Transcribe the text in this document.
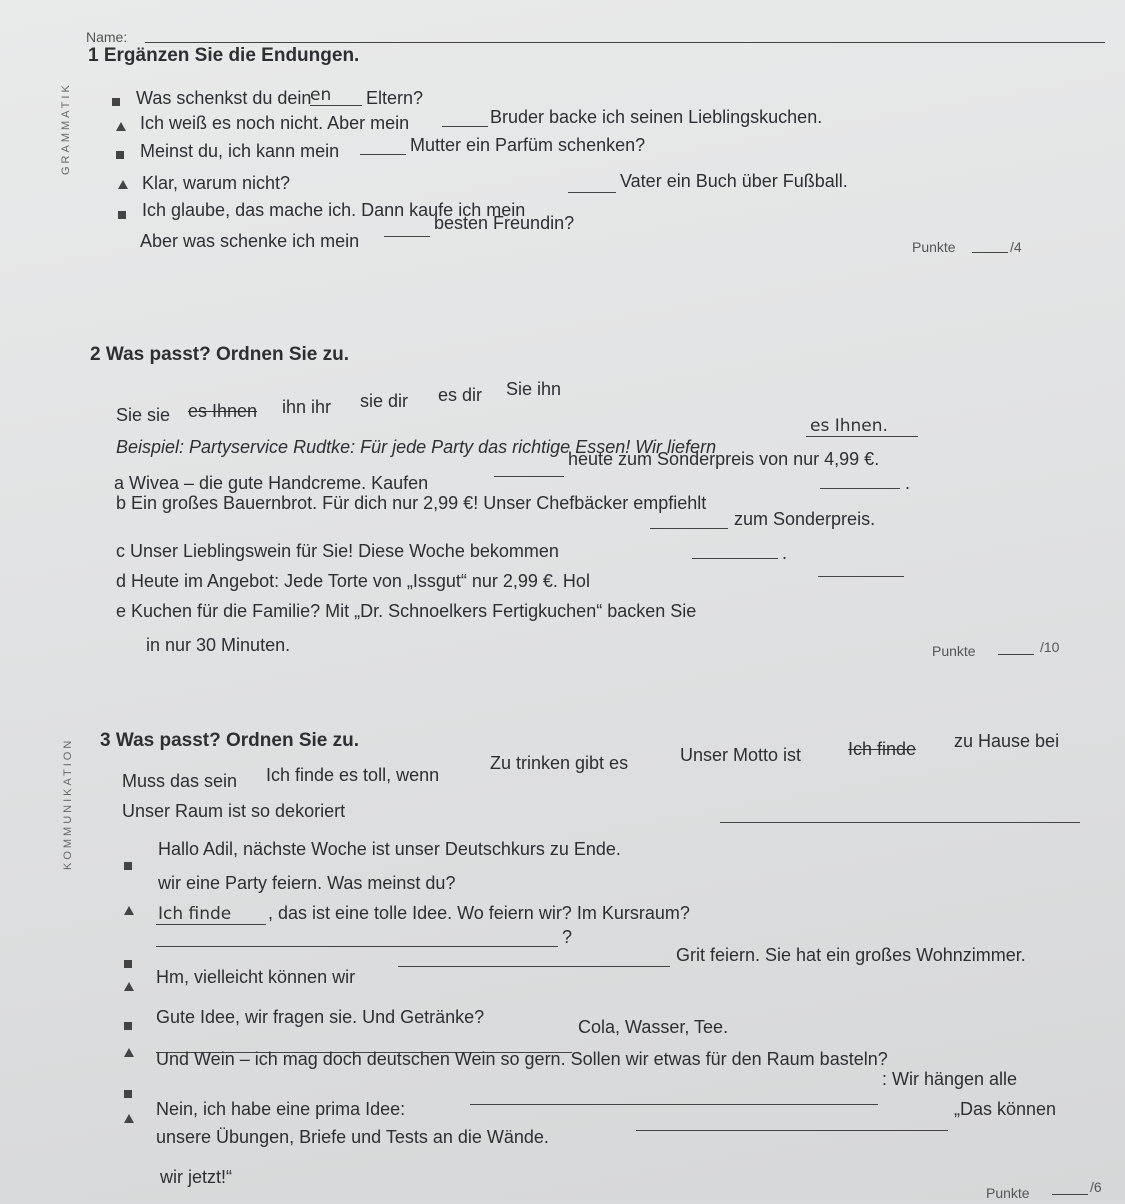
Name:
GRAMMATIK
KOMMUNIKATION
1 Ergänzen Sie die Endungen.
Was schenkst du dein
en Eltern?
Ich weiß es noch nicht. Aber mein	Bruder backe ich seinen Lieblingskuchen.
Meinst du, ich kann mein	Mutter ein Parfüm schenken?
Klar, warum nicht?
Ich glaube, das mache ich. Dann kaufe ich mein
Vater ein Buch über Fußball.
Aber was schenke ich mein
besten Freundin?
Punkte	/4
2 Was passt? Ordnen Sie zu.
Sie sie es Ihnen ihn ihr sie dir es dir Sie ihn
Beispiel: Partyservice Rudtke: Für jede Party das richtige Essen! Wir liefern
es Ihnen.
a Wivea – die gute Handcreme. Kaufen
heute zum Sonderpreis von nur 4,99 €.
b Ein großes Bauernbrot. Für dich nur 2,99 €! Unser Chefbäcker empfiehlt
.
c Unser Lieblingswein für Sie! Diese Woche bekommen
zum Sonderpreis.
d Heute im Angebot: Jede Torte von „Issgut“ nur 2,99 €. Hol
.
e Kuchen für die Familie? Mit „Dr. Schnoelkers Fertigkuchen“ backen Sie
in nur 30 Minuten.	Punkte	/10
3 Was passt? Ordnen Sie zu.
Muss das sein Ich finde es toll, wenn
Zu trinken gibt es	Unser Motto ist	Ich finde zu Hause bei
Unser Raum ist so dekoriert
Hallo Adil, nächste Woche ist unser Deutschkurs zu Ende.
wir eine Party feiern. Was meinst du?
Ich finde , das ist eine tolle Idee. Wo feiern wir? Im Kursraum?
?
Hm, vielleicht können wir
Grit feiern. Sie hat ein großes Wohnzimmer.
Gute Idee, wir fragen sie. Und Getränke?	Cola, Wasser, Tee.
Und Wein – ich mag doch deutschen Wein so gern. Sollen wir etwas für den Raum basteln?
Nein, ich habe eine prima Idee:
: Wir hängen alle
unsere Übungen, Briefe und Tests an die Wände.
„Das können
wir jetzt!“
Punkte	/6
